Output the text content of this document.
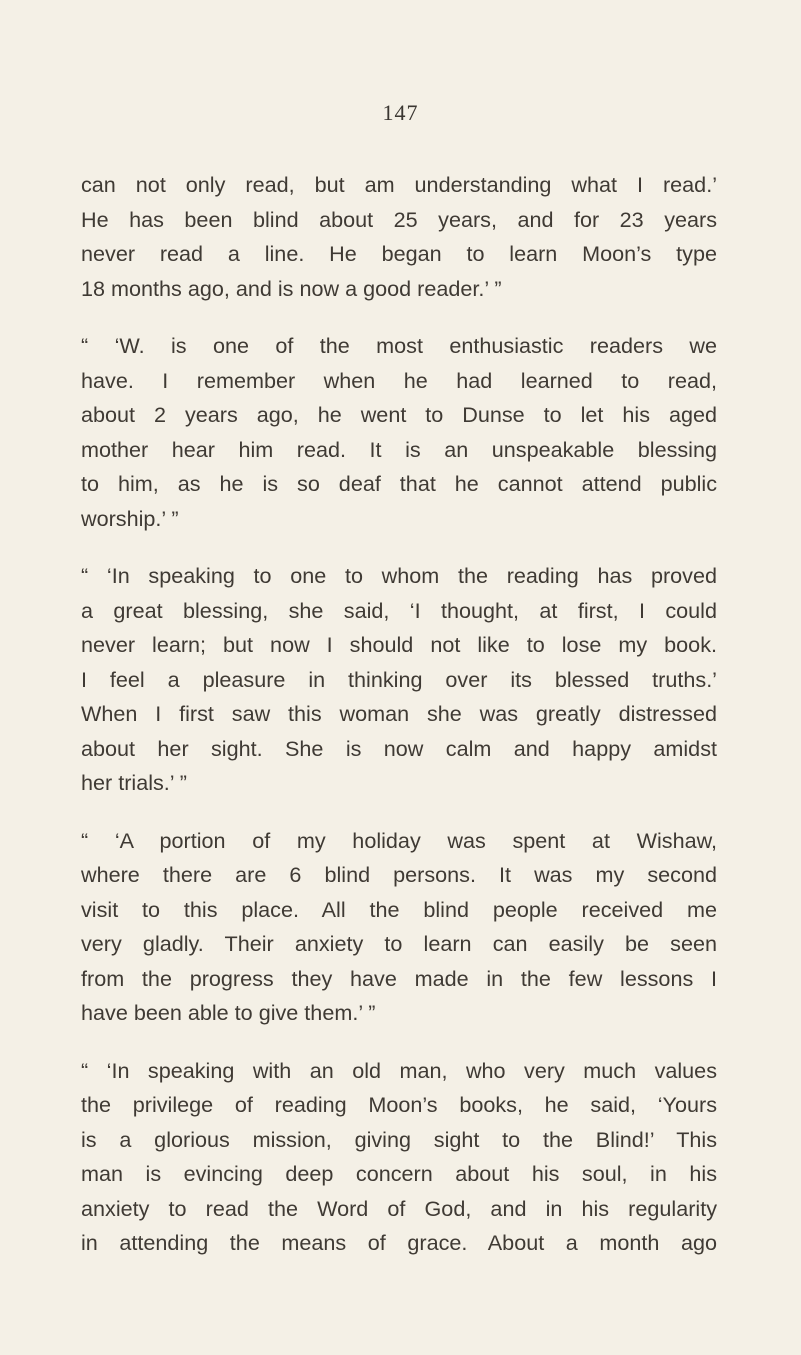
147
can not only read, but am understanding what I read.’
He has been blind about 25 years, and for 23 years
never read a line. He began to learn Moon’s type
18 months ago, and is now a good reader.’ ”
“ ‘W. is one of the most enthusiastic readers we
have. I remember when he had learned to read,
about 2 years ago, he went to Dunse to let his aged
mother hear him read. It is an unspeakable blessing
to him, as he is so deaf that he cannot attend public
worship.’ ”
“ ‘In speaking to one to whom the reading has proved
a great blessing, she said, ‘I thought, at first, I could
never learn; but now I should not like to lose my book.
I feel a pleasure in thinking over its blessed truths.’
When I first saw this woman she was greatly distressed
about her sight. She is now calm and happy amidst
her trials.’ ”
“ ‘A portion of my holiday was spent at Wishaw,
where there are 6 blind persons. It was my second
visit to this place. All the blind people received me
very gladly. Their anxiety to learn can easily be seen
from the progress they have made in the few lessons I
have been able to give them.’ ”
“ ‘In speaking with an old man, who very much values
the privilege of reading Moon’s books, he said, ‘Yours
is a glorious mission, giving sight to the Blind!’ This
man is evincing deep concern about his soul, in his
anxiety to read the Word of God, and in his regularity
in attending the means of grace. About a month ago
